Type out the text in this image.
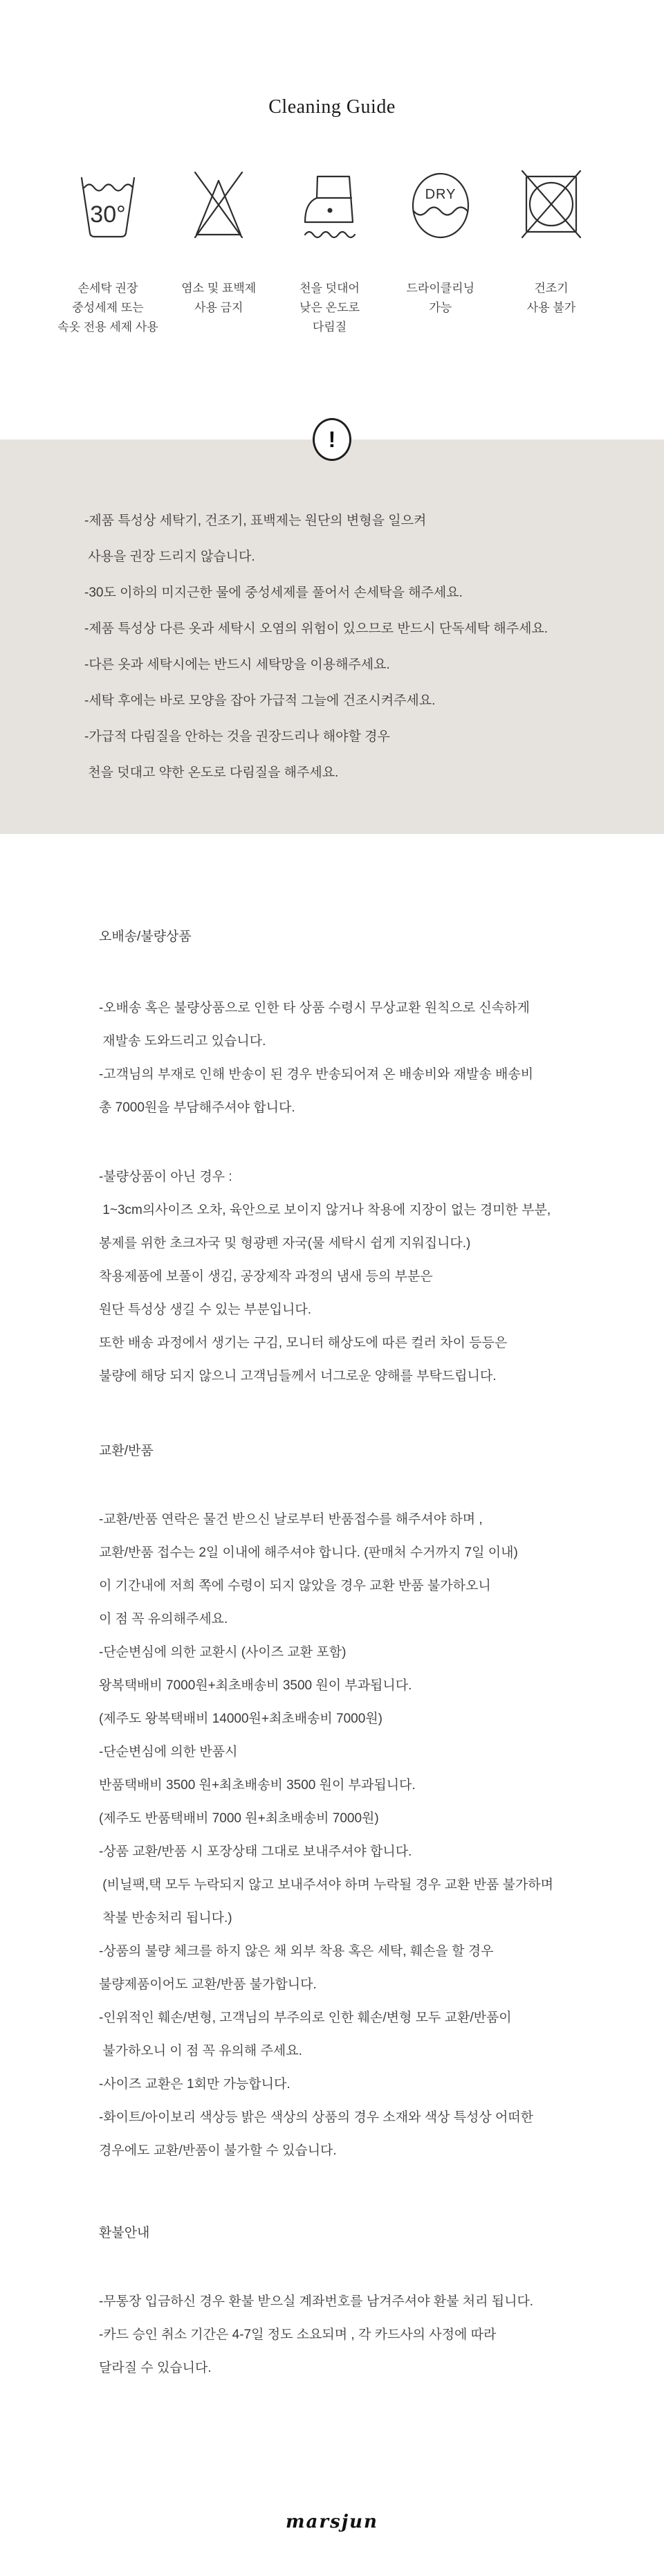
Cleaning Guide
30°
손세탁 권장
중성세제 또는
속옷 전용 세제 사용
염소 및 표백제
사용 금지
천을 덧대어
낮은 온도로
다림질
DRY
드라이클리닝
가능
건조기
사용 불가
!
-제품 특성상 세탁기, 건조기, 표백제는 원단의 변형을 일으켜
사용을 권장 드리지 않습니다.
-30도 이하의 미지근한 물에 중성세제를 풀어서 손세탁을 해주세요.
-제품 특성상 다른 옷과 세탁시 오염의 위험이 있으므로 반드시 단독세탁 해주세요.
-다른 옷과 세탁시에는 반드시 세탁망을 이용해주세요.
-세탁 후에는 바로 모양을 잡아 가급적 그늘에 건조시켜주세요.
-가급적 다림질을 안하는 것을 권장드리나 해야할 경우
천을 덧대고 약한 온도로 다림질을 해주세요.
오배송/불량상품
-오배송 혹은 불량상품으로 인한 타 상품 수령시 무상교환 원칙으로 신속하게
재발송 도와드리고 있습니다.
-고객님의 부재로 인해 반송이 된 경우 반송되어져 온 배송비와 재발송 배송비
총 7000원을 부담해주셔야 합니다.
-불량상품이 아닌 경우 :
1~3cm의사이즈 오차, 육안으로 보이지 않거나 착용에 지장이 없는 경미한 부분,
봉제를 위한 초크자국 및 형광펜 자국(물 세탁시 쉽게 지워집니다.)
착용제품에 보풀이 생김, 공장제작 과정의 냄새 등의 부분은
원단 특성상 생길 수 있는 부분입니다.
또한 배송 과정에서 생기는 구김, 모니터 해상도에 따른 컬러 차이 등등은
불량에 해당 되지 않으니 고객님들께서 너그로운 양해를 부탁드립니다.
교환/반품
-교환/반품 연락은 물건 받으신 날로부터 반품접수를 해주셔야 하며 ,
교환/반품 접수는 2일 이내에 해주셔야 합니다. (판매처 수거까지 7일 이내)
이 기간내에 저희 쪽에 수령이 되지 않았을 경우 교환 반품 불가하오니
이 점 꼭 유의해주세요.
-단순변심에 의한 교환시 (사이즈 교환 포함)
왕복택배비 7000원+최초배송비 3500 원이 부과됩니다.
(제주도 왕복택배비 14000원+최초배송비 7000원)
-단순변심에 의한 반품시
반품택배비 3500 원+최초배송비 3500 원이 부과됩니다.
(제주도 반품택배비 7000 원+최초배송비 7000원)
-상품 교환/반품 시 포장상태 그대로 보내주셔야 합니다.
(비닐팩,택 모두 누락되지 않고 보내주셔야 하며 누락될 경우 교환 반품 불가하며
착불 반송처리 됩니다.)
-상품의 불량 체크를 하지 않은 채 외부 착용 혹은 세탁, 훼손을 할 경우
불량제품이어도 교환/반품 불가합니다.
-인위적인 훼손/변형, 고객님의 부주의로 인한 훼손/변형 모두 교환/반품이
불가하오니 이 점 꼭 유의해 주세요.
-사이즈 교환은 1회만 가능합니다.
-화이트/아이보리 색상등 밝은 색상의 상품의 경우 소재와 색상 특성상 어떠한
경우에도 교환/반품이 불가할 수 있습니다.
환불안내
-무통장 입금하신 경우 환불 받으실 계좌번호를 남겨주셔야 환불 처리 됩니다.
-카드 승인 취소 기간은 4-7일 정도 소요되며 , 각 카드사의 사정에 따라
달라질 수 있습니다.
marsjun
